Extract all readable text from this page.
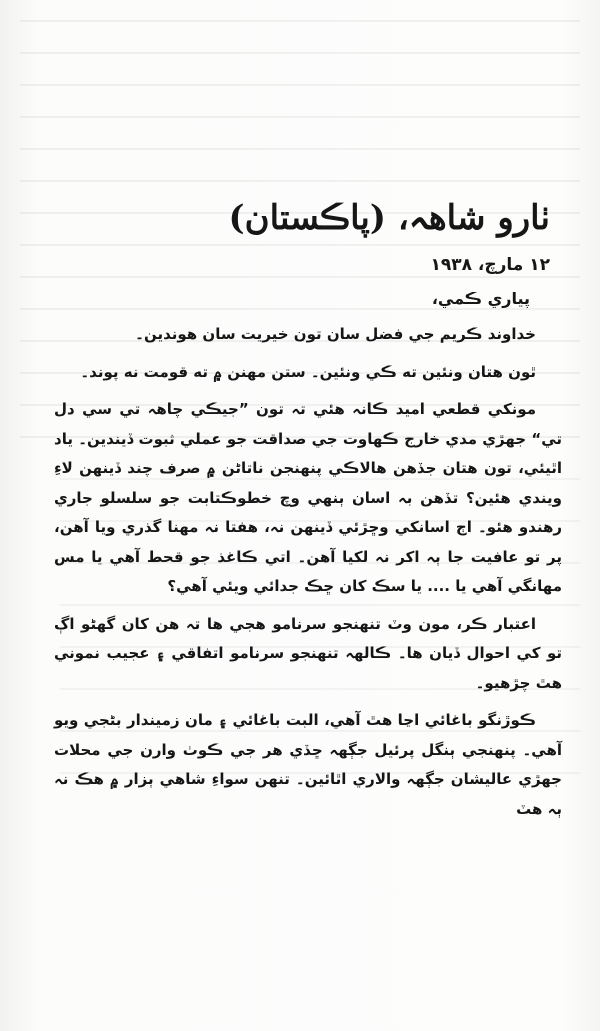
ٺارو شاھہ، (پاڪستان)
١٢ مارچ، ١٩٣٨
پياري ڪمي،

خداوند ڪريم جي فضل سان تون خيريت سان هوندين۔

ٿون هتان ونئين ته ڪي ونئين۔ ستن مهنن ۾ ته قومت نه پوند۔

مونکي قطعي اميد ڪانہ هئي تہ تون ”جيڪي چاھہ تي سي دل تي“ جهڙي مدي خارج ڪهاوت جي صداقت جو عملي ثبوت ڏيندين۔ ياد اٿيئي، تون هتان جڏهن هالاڪي پنهنجن ناتاڻن ۾ صرف چند ڏينهن لاءِ ويندي هئين؟ تڏهن بہ اسان ٻنهي وچ خطوڪتابت جو سلسلو جاري رهندو هئو۔ اڄ اسانکي وڇڙئي ڏينهن نہ، هفتا نہ مهنا گذري ويا آهن، پر تو عافيت جا ٻہ اکر نہ لکيا آهن۔ اتي ڪاغذ جو قحط آهي يا مس مهانگي آهي يا .... يا سڪ کان ڇڪ جدائي ويئي آهي؟

اعتبار ڪر، مون وٽ تنهنجو سرنامو هجي ها تہ هن کان گهڻو اڳ تو کي احوال ڏيان ها۔ ڪالهہ تنهنجو سرنامو اتفاقي ۽ عجيب نموني هٿ چڙهيو۔

ڪوڙنگو باغائي اڃا هٿ آهي، البت باغائي ۽ مان زميندار بڻجي ويو آهي۔ پنهنجي ٻنگل پرئيل جڳهہ ڇڏي هر جي ڪوٺ وارن جي محلات جهڙي عاليشان جڳهہ والاري اٿائين۔ تنهن سواءِ شاهي ٻزار ۾ هڪ نہ ٻہ هٽ
